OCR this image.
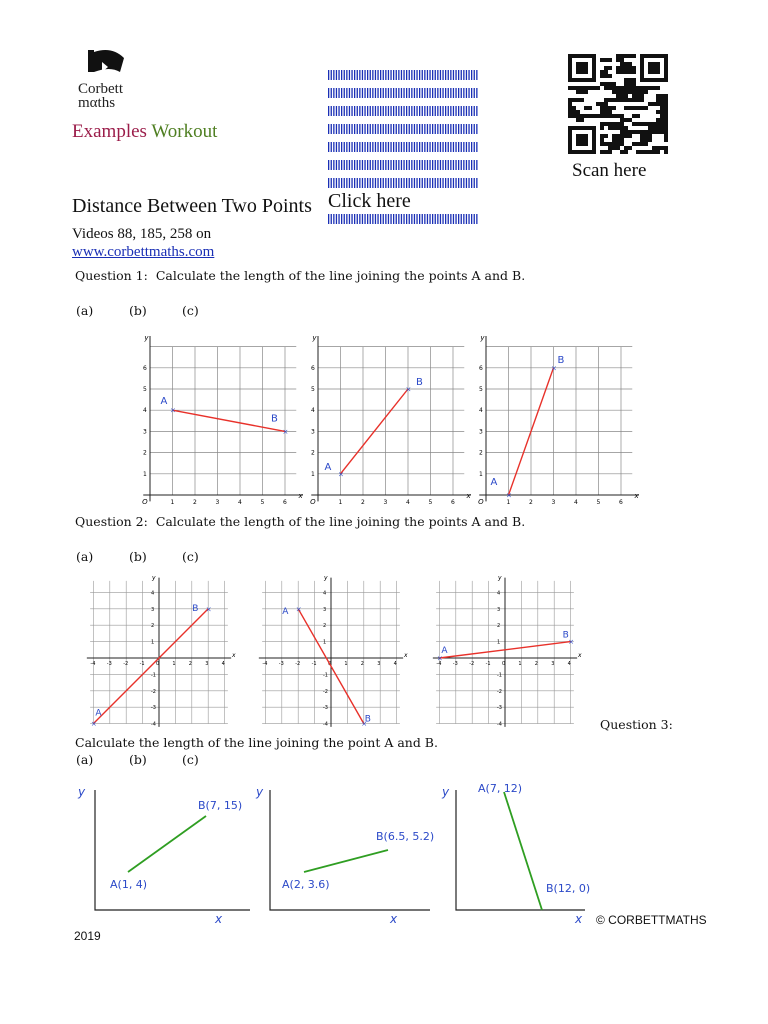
Corbett
mαths
Examples Workout
Distance Between Two Points Videos 88, 185, 258 on
www.corbettmaths.com
Click here
Scan here
Question 1: Calculate the length of the line joining the points A and B.
(a)	(b)	(c)
y
x
O	1
1
2
2
3
3
4
4
5
5
6
6
×
×
A
B
y
x
O	1
1
2
2
3
3
4
4
5
5
6
6
×
×
A
B
y
x
O	1
1
2
2
3
3
4
4
5
5
6
6
×
×
A
B
Question 2: Calculate the length of the line joining the points A and B.
(a)	(b)	(c)
y
x
-4
-4
-3
-3
-2
-2
-1
-1
0	1
1
2
2
3
3
4
4
×
×
A
B
y
x
-4
-4
-3
-3
-2
-2
-1
-1
1
1
2
2
3
3
4
4
×
×
A
B
y
x
-4
-4
-3
-3
-2
-2
-1
-1
0	1
1
2
2
3
3
4
4
×
×
A
B
Question 3:
Calculate the length of the line joining the point A and B.
(a)	(b)	(c)
y
x
A(1, 4)
B(7, 15)
y
x
A(2, 3.6)
B(6.5, 5.2)
y
x
A(7, 12)
B(12, 0)
© CORBETTMATHS
2019
